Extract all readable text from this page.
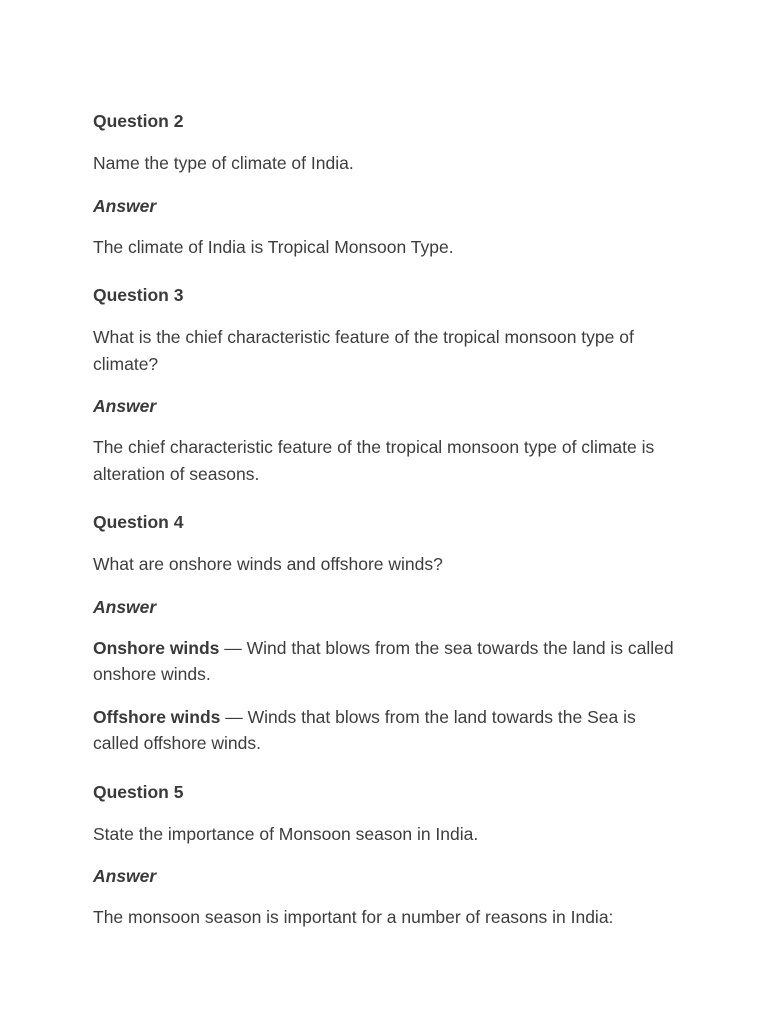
Question 2

Name the type of climate of India.

Answer

The climate of India is Tropical Monsoon Type.

Question 3

What is the chief characteristic feature of the tropical monsoon type of climate?

Answer

The chief characteristic feature of the tropical monsoon type of climate is alteration of seasons.

Question 4

What are onshore winds and offshore winds?

Answer

Onshore winds — Wind that blows from the sea towards the land is called onshore winds.

Offshore winds — Winds that blows from the land towards the Sea is called offshore winds.

Question 5

State the importance of Monsoon season in India.

Answer

The monsoon season is important for a number of reasons in India:
